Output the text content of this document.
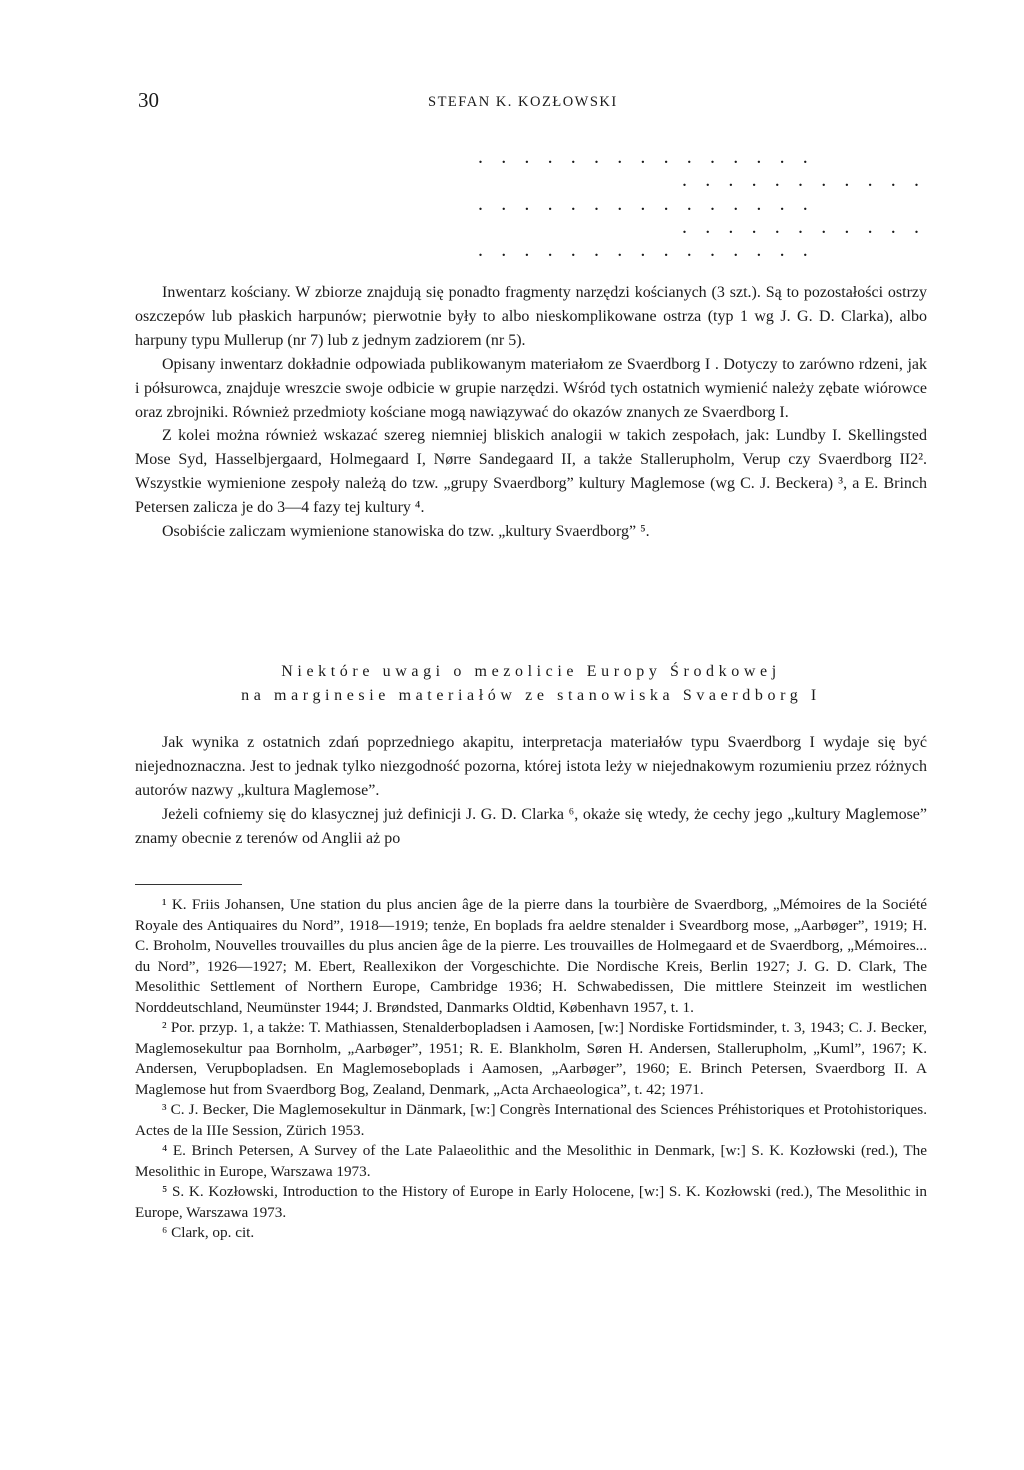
30	STEFAN K. KOZŁOWSKI
. . . . . . . . . . . . . . .
. . . . . . . . . . .
. . . . . . . . . . . . . . .
. . . . . . . . . . .
. . . . . . . . . . . . . . .

Inwentarz kościany. W zbiorze znajdują się ponadto fragmenty narzędzi kościanych (3 szt.). Są to pozostałości ostrzy oszczepów lub płaskich harpunów; pierwotnie były to albo nieskomplikowane ostrza (typ 1 wg J. G. D. Clarka), albo harpuny typu Mullerup (nr 7) lub z jednym zadziorem (nr 5).

Opisany inwentarz dokładnie odpowiada publikowanym materiałom ze Svaerdborg I . Dotyczy to zarówno rdzeni, jak i półsurowca, znajduje wreszcie swoje odbicie w grupie narzędzi. Wśród tych ostatnich wymienić należy zębate wiórowce oraz zbrojniki. Również przedmioty kościane mogą nawiązywać do okazów znanych ze Svaerdborg I.

Z kolei można również wskazać szereg niemniej bliskich analogii w takich zespołach, jak: Lundby I. Skellingsted Mose Syd, Hasselbjergaard, Holmegaard I, Nørre Sandegaard II, a także Stallerupholm, Verup czy Svaerdborg II2². Wszystkie wymienione zespoły należą do tzw. „grupy Svaerdborg” kultury Maglemose (wg C. J. Beckera) ³, a E. Brinch Petersen zalicza je do 3—4 fazy tej kultury ⁴.

Osobiście zaliczam wymienione stanowiska do tzw. „kultury Svaerdborg” ⁵.

Niektóre uwagi o mezolicie Europy Środkowej
na marginesie materiałów ze stanowiska Svaerdborg I

Jak wynika z ostatnich zdań poprzedniego akapitu, interpretacja materiałów typu Svaerdborg I wydaje się być niejednoznaczna. Jest to jednak tylko niezgodność pozorna, której istota leży w niejednakowym rozumieniu przez różnych autorów nazwy „kultura Maglemose”.

Jeżeli cofniemy się do klasycznej już definicji J. G. D. Clarka ⁶, okaże się wtedy, że cechy jego „kultury Maglemose” znamy obecnie z terenów od Anglii aż po

¹ K. Friis Johansen, Une station du plus ancien âge de la pierre dans la tourbière de Svaerdborg, „Mémoires de la Société Royale des Antiquaires du Nord”, 1918—1919; tenże, En boplads fra aeldre stenalder i Sveardborg mose, „Aarbøger”, 1919; H. C. Broholm, Nouvelles trouvailles du plus ancien âge de la pierre. Les trouvailles de Holmegaard et de Svaerdborg, „Mémoires... du Nord”, 1926—1927; M. Ebert, Reallexikon der Vorgeschichte. Die Nordische Kreis, Berlin 1927; J. G. D. Clark, The Mesolithic Settlement of Northern Europe, Cambridge 1936; H. Schwabedissen, Die mittlere Steinzeit im westlichen Norddeutschland, Neumünster 1944; J. Brøndsted, Danmarks Oldtid, København 1957, t. 1.

² Por. przyp. 1, a także: T. Mathiassen, Stenalderbopladsen i Aamosen, [w:] Nordiske Fortidsminder, t. 3, 1943; C. J. Becker, Maglemosekultur paa Bornholm, „Aarbøger”, 1951; R. E. Blankholm, Søren H. Andersen, Stallerupholm, „Kuml”, 1967; K. Andersen, Verupbopladsen. En Maglemoseboplads i Aamosen, „Aarbøger”, 1960; E. Brinch Petersen, Svaerdborg II. A Maglemose hut from Svaerdborg Bog, Zealand, Denmark, „Acta Archaeologica”, t. 42; 1971.

³ C. J. Becker, Die Maglemosekultur in Dänmark, [w:] Congrès International des Sciences Préhistoriques et Protohistoriques. Actes de la IIIe Session, Zürich 1953.

⁴ E. Brinch Petersen, A Survey of the Late Palaeolithic and the Mesolithic in Denmark, [w:] S. K. Kozłowski (red.), The Mesolithic in Europe, Warszawa 1973.

⁵ S. K. Kozłowski, Introduction to the History of Europe in Early Holocene, [w:] S. K. Kozłowski (red.), The Mesolithic in Europe, Warszawa 1973.

⁶ Clark, op. cit.
